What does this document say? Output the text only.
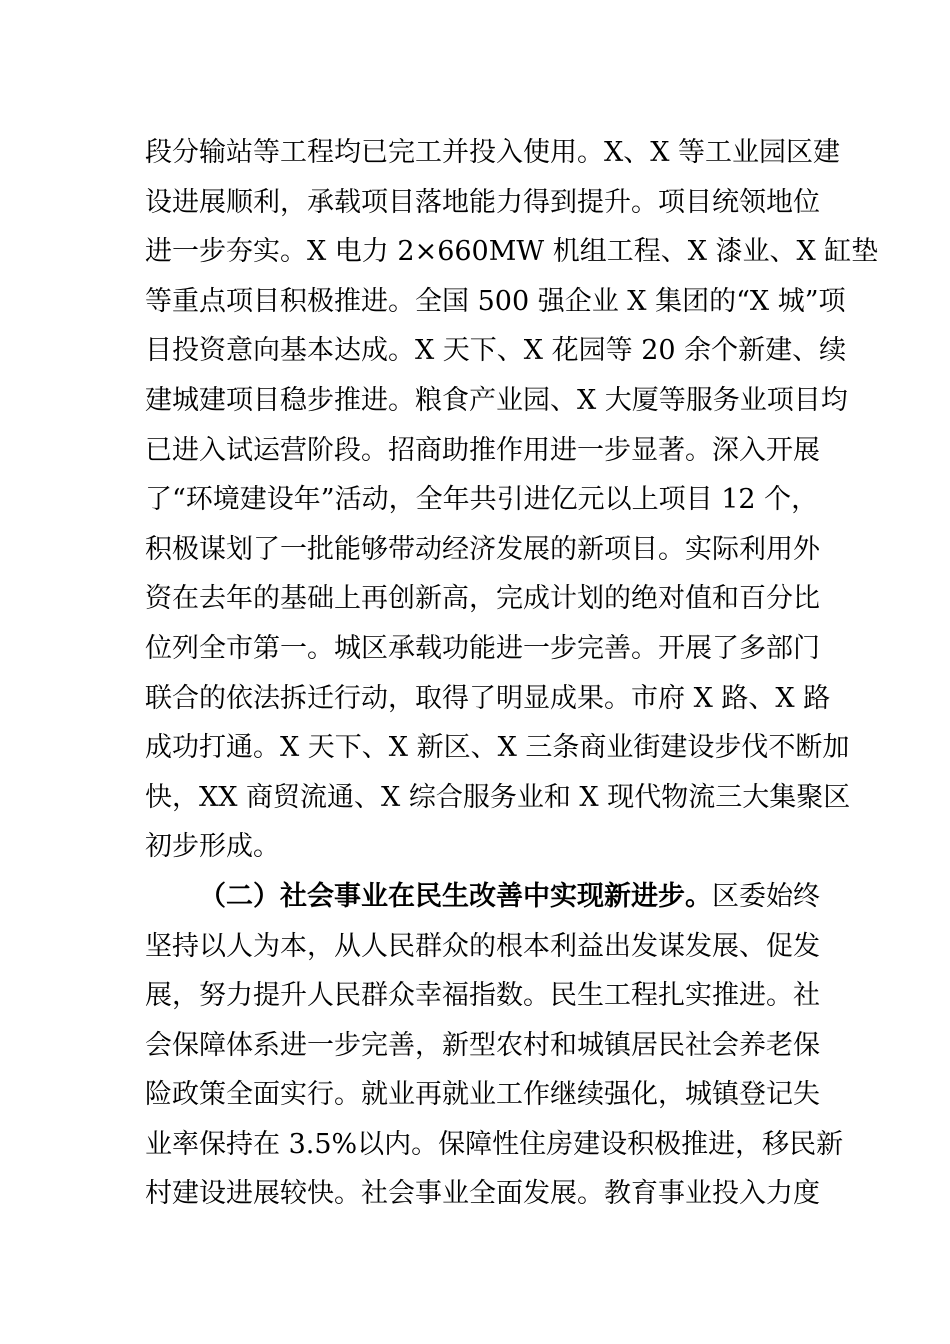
段分输站等工程均已完工并投入使用。X、X 等工业园区建
设进展顺利，承载项目落地能力得到提升。项目统领地位
进一步夯实。X 电力 2×660MW 机组工程、X 漆业、X 缸垫
等重点项目积极推进。全国 500 强企业 X 集团的“X 城”项
目投资意向基本达成。X 天下、X 花园等 20 余个新建、续
建城建项目稳步推进。粮食产业园、X 大厦等服务业项目均
已进入试运营阶段。招商助推作用进一步显著。深入开展
了“环境建设年”活动，全年共引进亿元以上项目 12 个，
积极谋划了一批能够带动经济发展的新项目。实际利用外
资在去年的基础上再创新高，完成计划的绝对值和百分比
位列全市第一。城区承载功能进一步完善。开展了多部门
联合的依法拆迁行动，取得了明显成果。市府 X 路、X 路
成功打通。X 天下、X 新区、X 三条商业街建设步伐不断加
快，XX 商贸流通、X 综合服务业和 X 现代物流三大集聚区
初步形成。
（二）社会事业在民生改善中实现新进步。区委始终
坚持以人为本，从人民群众的根本利益出发谋发展、促发
展，努力提升人民群众幸福指数。民生工程扎实推进。社
会保障体系进一步完善，新型农村和城镇居民社会养老保
险政策全面实行。就业再就业工作继续强化，城镇登记失
业率保持在 3.5%以内。保障性住房建设积极推进，移民新
村建设进展较快。社会事业全面发展。教育事业投入力度
